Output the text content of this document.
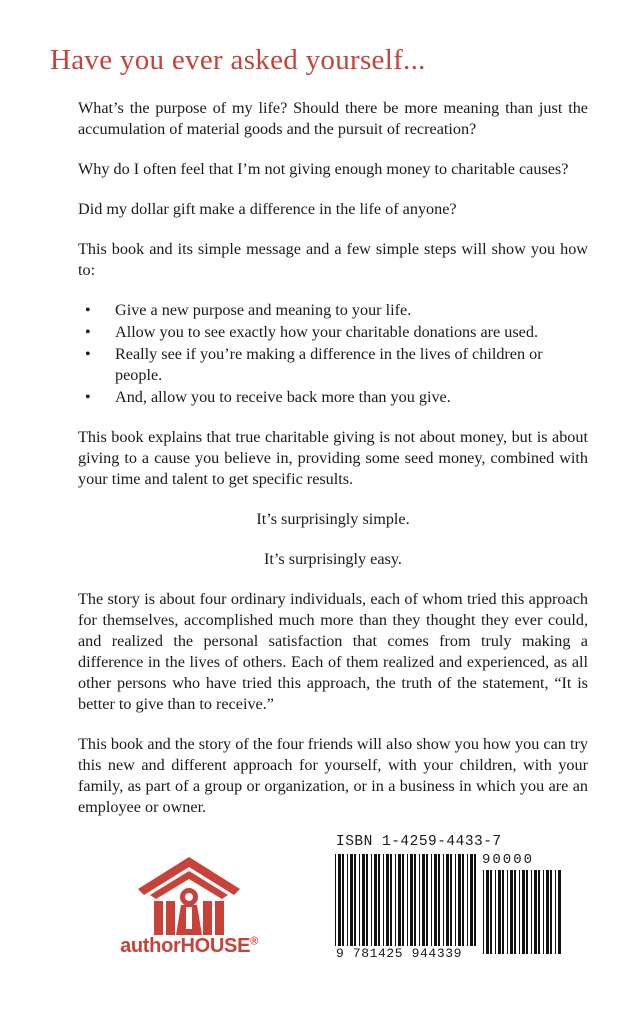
Have you ever asked yourself...

What’s the purpose of my life? Should there be more meaning than just the accumulation of material goods and the pursuit of recreation?

Why do I often feel that I’m not giving enough money to charitable causes?

Did my dollar gift make a difference in the life of anyone?

This book and its simple message and a few simple steps will show you how to:

• Give a new purpose and meaning to your life.
• Allow you to see exactly how your charitable donations are used.
• Really see if you’re making a difference in the lives of children or people.
• And, allow you to receive back more than you give.

This book explains that true charitable giving is not about money, but is about giving to a cause you believe in, providing some seed money, combined with your time and talent to get specific results.

It’s surprisingly simple.

It’s surprisingly easy.

The story is about four ordinary individuals, each of whom tried this approach for themselves, accomplished much more than they thought they ever could, and realized the personal satisfaction that comes from truly making a difference in the lives of others. Each of them realized and experienced, as all other persons who have tried this approach, the truth of the statement, “It is better to give than to receive.”

This book and the story of the four friends will also show you how you can try this new and different approach for yourself, with your children, with your family, as part of a group or organization, or in a business in which you are an employee or owner.

authorHOUSE®

ISBN 1-4259-4433-7

90000

9 781425 944339
